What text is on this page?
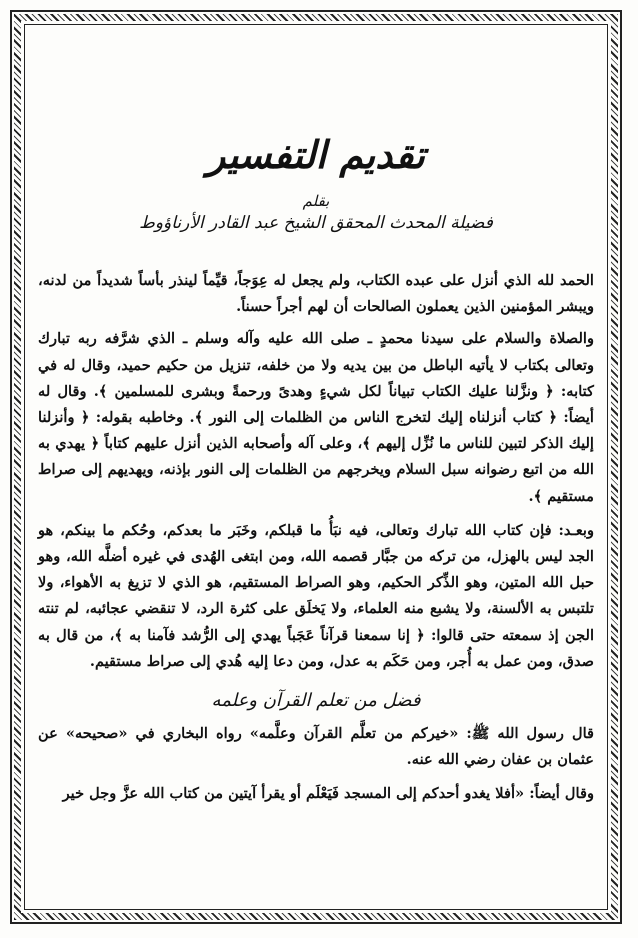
تقديم التفسير
بقلم
فضيلة المحدث المحقق الشيخ عبد القادر الأرناؤوط

الحمد لله الذي أنزل على عبده الكتاب، ولم يجعل له عِوَجاً، قيِّماً لينذر بأساً شديداً من لدنه، ويبشر المؤمنين الذين يعملون الصالحات أن لهم أجراً حسناً.

والصلاة والسلام على سيدنا محمدٍ ـ صلى الله عليه وآله وسلم ـ الذي شرَّفه ربه تبارك وتعالى بكتاب لا يأتيه الباطل من بين يديه ولا من خلفه، تنزيل من حكيم حميد، وقال له في كتابه: ﴿ ونزَّلنا عليك الكتاب تبياناً لكل شيءٍ وهدىً ورحمةً وبشرى للمسلمين ﴾. وقال له أيضاً: ﴿ كتاب أنزلناه إليك لتخرج الناس من الظلمات إلى النور ﴾. وخاطبه بقوله: ﴿ وأنزلنا إليك الذكر لتبين للناس ما نُزِّل إليهم ﴾، وعلى آله وأصحابه الذين أنزل عليهم كتاباً ﴿ يهدي به الله من اتبع رضوانه سبل السلام ويخرجهم من الظلمات إلى النور بإذنه، ويهديهم إلى صراط مستقيم ﴾.

وبعـد: فإن كتاب الله تبارك وتعالى، فيه نبَأُ ما قبلكم، وخَبَر ما بعدكم، وحُكم ما بينكم، هو الجد ليس بالهزل، من تركه من جبَّار قصمه الله، ومن ابتغى الهُدى في غيره أضلَّه الله، وهو حبل الله المتين، وهو الذِّكر الحكيم، وهو الصراط المستقيم، هو الذي لا تزيغ به الأهواء، ولا تلتبس به الألسنة، ولا يشبع منه العلماء، ولا يَخلَق على كثرة الرد، لا تنقضي عجائبه، لم تنته الجن إذ سمعته حتى قالوا: ﴿ إنا سمعنا قرآناً عَجَباً يهدي إلى الرُّشد فآمنا به ﴾، من قال به صدق، ومن عمل به أُجر، ومن حَكَم به عدل، ومن دعا إليه هُدي إلى صراط مستقيم.

فضل من تعلم القرآن وعلمه

قال رسول الله ﷺ: «خيركم من تعلَّم القرآن وعلَّمه» رواه البخاري في «صحيحه» عن عثمان بن عفان رضي الله عنه.

وقال أيضاً: «أفلا يغدو أحدكم إلى المسجد فَيَعْلَم أو يقرأ آيتين من كتاب الله عزَّ وجل خير
